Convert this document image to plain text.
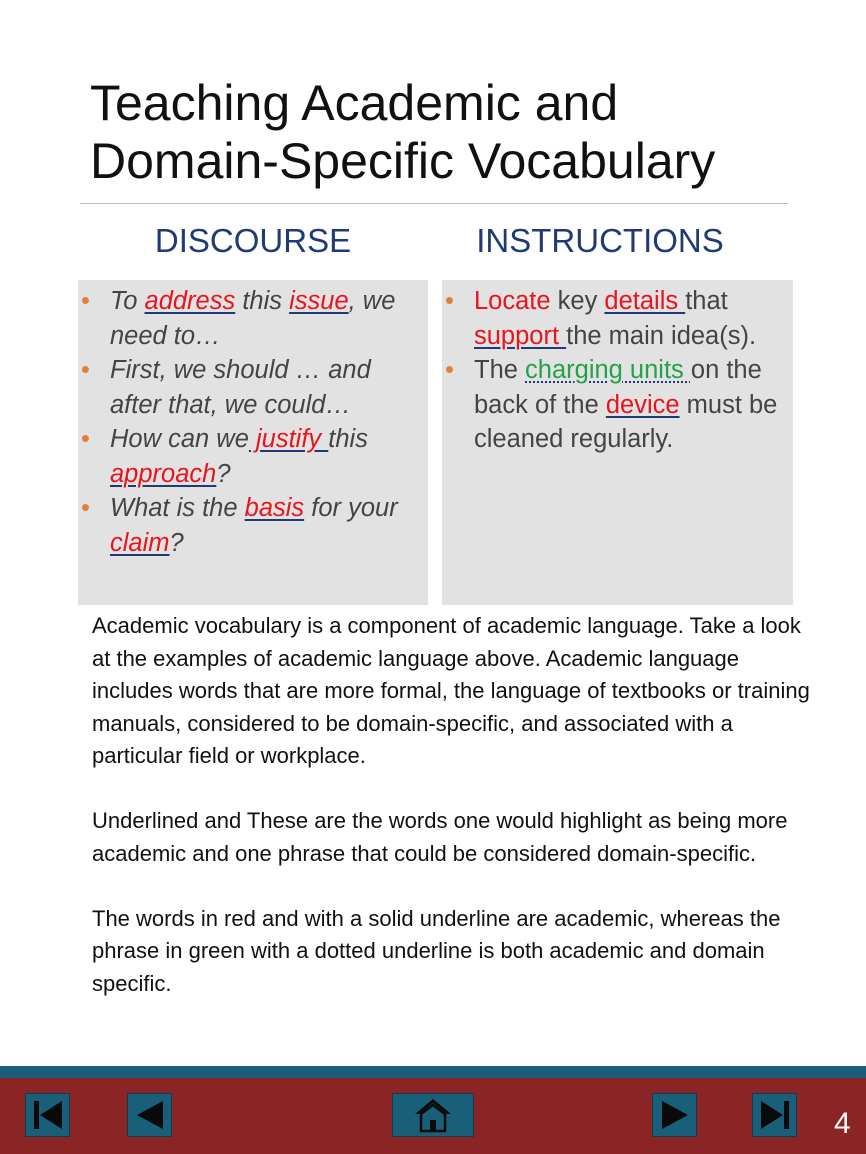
Teaching Academic and
Domain-Specific Vocabulary
DISCOURSE	INSTRUCTIONS
• To address this issue, we need to…
• First, we should … and after that, we could…
• How can we justify this approach?
• What is the basis for your claim?
• Locate key details that support the main idea(s).
• The charging units on the back of the device must be cleaned regularly.

Academic vocabulary is a component of academic language. Take a look at the examples of academic language above. Academic language includes words that are more formal, the language of textbooks or training manuals, considered to be domain-specific, and associated with a particular field or workplace.

Underlined and These are the words one would highlight as being more academic and one phrase that could be considered domain-specific.

The words in red and with a solid underline are academic, whereas the phrase in green with a dotted underline is both academic and domain specific.

4
